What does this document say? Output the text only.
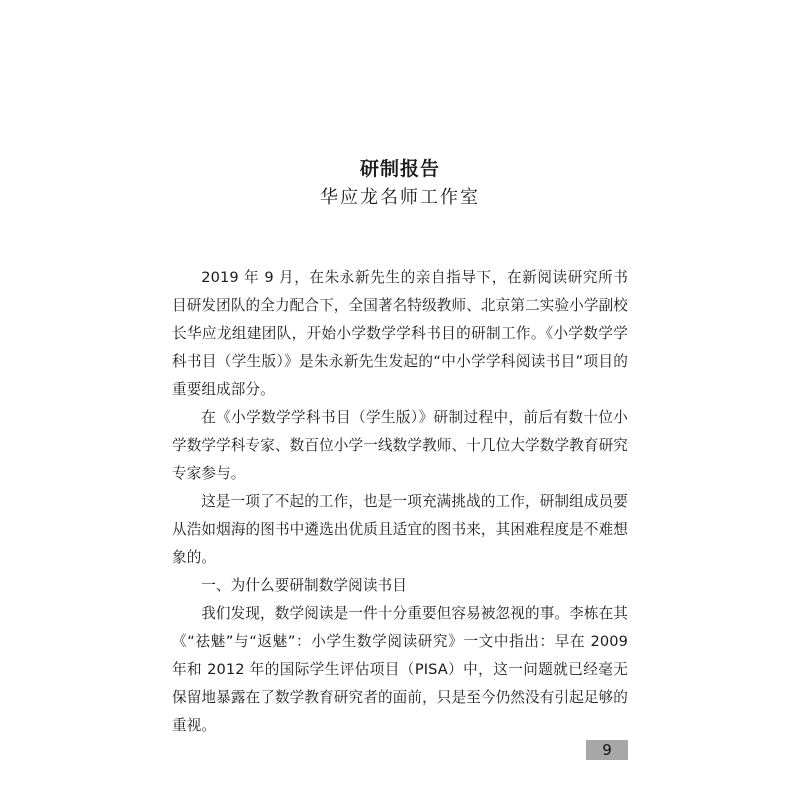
研制报告
华应龙名师工作室

2019 年 9 月，在朱永新先生的亲自指导下，在新阅读研究所书目研发团队的全力配合下，全国著名特级教师、北京第二实验小学副校长华应龙组建团队，开始小学数学学科书目的研制工作。《小学数学学科书目（学生版）》是朱永新先生发起的“中小学学科阅读书目”项目的重要组成部分。

在《小学数学学科书目（学生版）》研制过程中，前后有数十位小学数学学科专家、数百位小学一线数学教师、十几位大学数学教育研究专家参与。

这是一项了不起的工作，也是一项充满挑战的工作，研制组成员要从浩如烟海的图书中遴选出优质且适宜的图书来，其困难程度是不难想象的。

一、为什么要研制数学阅读书目

我们发现，数学阅读是一件十分重要但容易被忽视的事。李栋在其《“祛魅”与“返魅”：小学生数学阅读研究》一文中指出：早在 2009 年和 2012 年的国际学生评估项目（PISA）中，这一问题就已经毫无保留地暴露在了数学教育研究者的面前，只是至今仍然没有引起足够的重视。

9
